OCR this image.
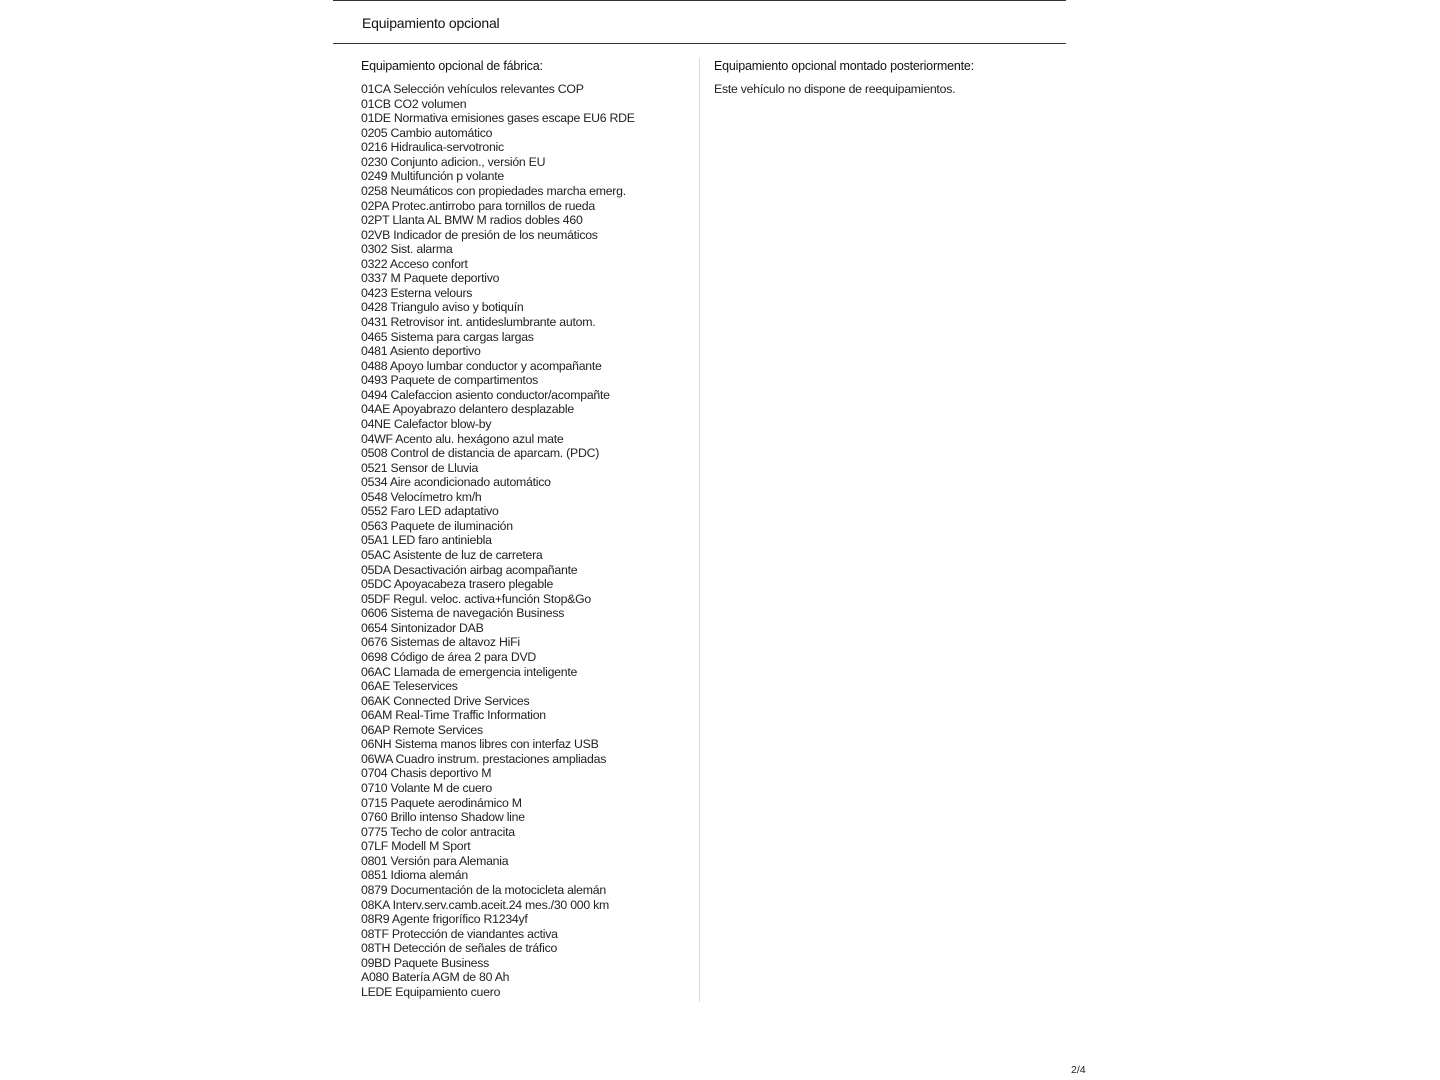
Equipamiento opcional
Equipamiento opcional de fábrica:
01CA Selección vehículos relevantes COP
01CB CO2 volumen
01DE Normativa emisiones gases escape EU6 RDE
0205 Cambio automático
0216 Hidraulica-servotronic
0230 Conjunto adicion., versión EU
0249 Multifunción p volante
0258 Neumáticos con propiedades marcha emerg.
02PA Protec.antirrobo para tornillos de rueda
02PT Llanta AL BMW M radios dobles 460
02VB Indicador de presión de los neumáticos
0302 Sist. alarma
0322 Acceso confort
0337 M Paquete deportivo
0423 Esterna velours
0428 Triangulo aviso y botiquín
0431 Retrovisor int. antideslumbrante autom.
0465 Sistema para cargas largas
0481 Asiento deportivo
0488 Apoyo lumbar conductor y acompañante
0493 Paquete de compartimentos
0494 Calefaccion asiento conductor/acompañte
04AE Apoyabrazo delantero desplazable
04NE Calefactor blow-by
04WF Acento alu. hexágono azul mate
0508 Control de distancia de aparcam. (PDC)
0521 Sensor de Lluvia
0534 Aire acondicionado automático
0548 Velocímetro km/h
0552 Faro LED adaptativo
0563 Paquete de iluminación
05A1 LED faro antiniebla
05AC Asistente de luz de carretera
05DA Desactivación airbag acompañante
05DC Apoyacabeza trasero plegable
05DF Regul. veloc. activa+función Stop&Go
0606 Sistema de navegación Business
0654 Sintonizador DAB
0676 Sistemas de altavoz HiFi
0698 Código de área 2 para DVD
06AC Llamada de emergencia inteligente
06AE Teleservices
06AK Connected Drive Services
06AM Real-Time Traffic Information
06AP Remote Services
06NH Sistema manos libres con interfaz USB
06WA Cuadro instrum. prestaciones ampliadas
0704 Chasis deportivo M
0710 Volante M de cuero
0715 Paquete aerodinámico M
0760 Brillo intenso Shadow line
0775 Techo de color antracita
07LF Modell M Sport
0801 Versión para Alemania
0851 Idioma alemán
0879 Documentación de la motocicleta alemán
08KA Interv.serv.camb.aceit.24 mes./30 000 km
08R9 Agente frigorífico R1234yf
08TF Protección de viandantes activa
08TH Detección de señales de tráfico
09BD Paquete Business
A080 Batería AGM de 80 Ah
LEDE Equipamiento cuero
Equipamiento opcional montado posteriormente:
Este vehículo no dispone de reequipamientos.
2/4
